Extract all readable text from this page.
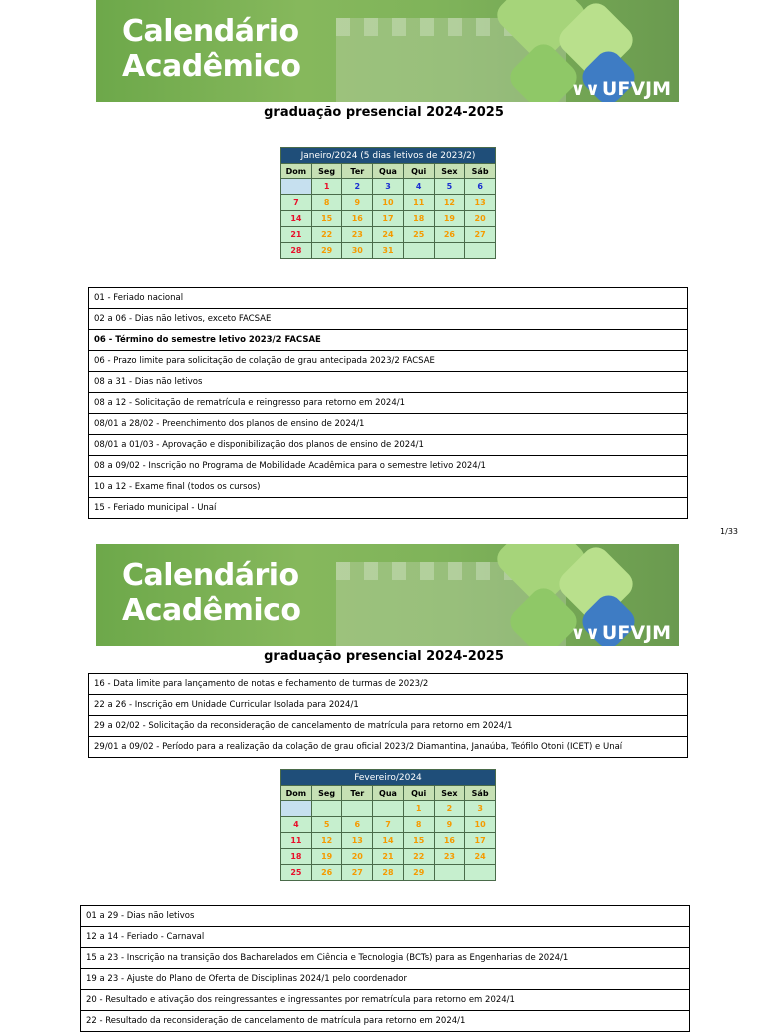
Calendário
Acadêmico
∨∨ UFVJM
graduação presencial 2024-2025
Janeiro/2024 (5 dias letivos de 2023/2)						
Dom	Seg	Ter	Qua	Qui	Sex	Sáb
	1	2	3	4	5	6
7	8	9	10	11	12	13
14	15	16	17	18	19	20
21	22	23	24	25	26	27
28	29	30	31			
01 - Feriado nacional
02 a 06 - Dias não letivos, exceto FACSAE
06 - Término do semestre letivo 2023/2 FACSAE
06 - Prazo limite para solicitação de colação de grau antecipada 2023/2 FACSAE
08 a 31 - Dias não letivos
08 a 12 - Solicitação de rematrícula e reingresso para retorno em 2024/1
08/01 a 28/02 - Preenchimento dos planos de ensino de 2024/1
08/01 a 01/03 - Aprovação e disponibilização dos planos de ensino de 2024/1
08 a 09/02 - Inscrição no Programa de Mobilidade Acadêmica para o semestre letivo 2024/1
10 a 12 - Exame final (todos os cursos)
15 - Feriado municipal - Unaí
1/33
Calendário
Acadêmico
∨∨ UFVJM
graduação presencial 2024-2025
16 - Data limite para lançamento de notas e fechamento de turmas de 2023/2
22 a 26 - Inscrição em Unidade Curricular Isolada para 2024/1
29 a 02/02 - Solicitação da reconsideração de cancelamento de matrícula para retorno em 2024/1
29/01 a 09/02 - Período para a realização da colação de grau oficial 2023/2 Diamantina, Janaúba, Teófilo Otoni (ICET) e Unaí
Fevereiro/2024						
Dom	Seg	Ter	Qua	Qui	Sex	Sáb
				1	2	3
4	5	6	7	8	9	10
11	12	13	14	15	16	17
18	19	20	21	22	23	24
25	26	27	28	29		
01 a 29 - Dias não letivos
12 a 14 - Feriado - Carnaval
15 a 23 - Inscrição na transição dos Bacharelados em Ciência e Tecnologia (BCTs) para as Engenharias de 2024/1
19 a 23 - Ajuste do Plano de Oferta de Disciplinas 2024/1 pelo coordenador
20 - Resultado e ativação dos reingressantes e ingressantes por rematrícula para retorno em 2024/1
22 - Resultado da reconsideração de cancelamento de matrícula para retorno em 2024/1
